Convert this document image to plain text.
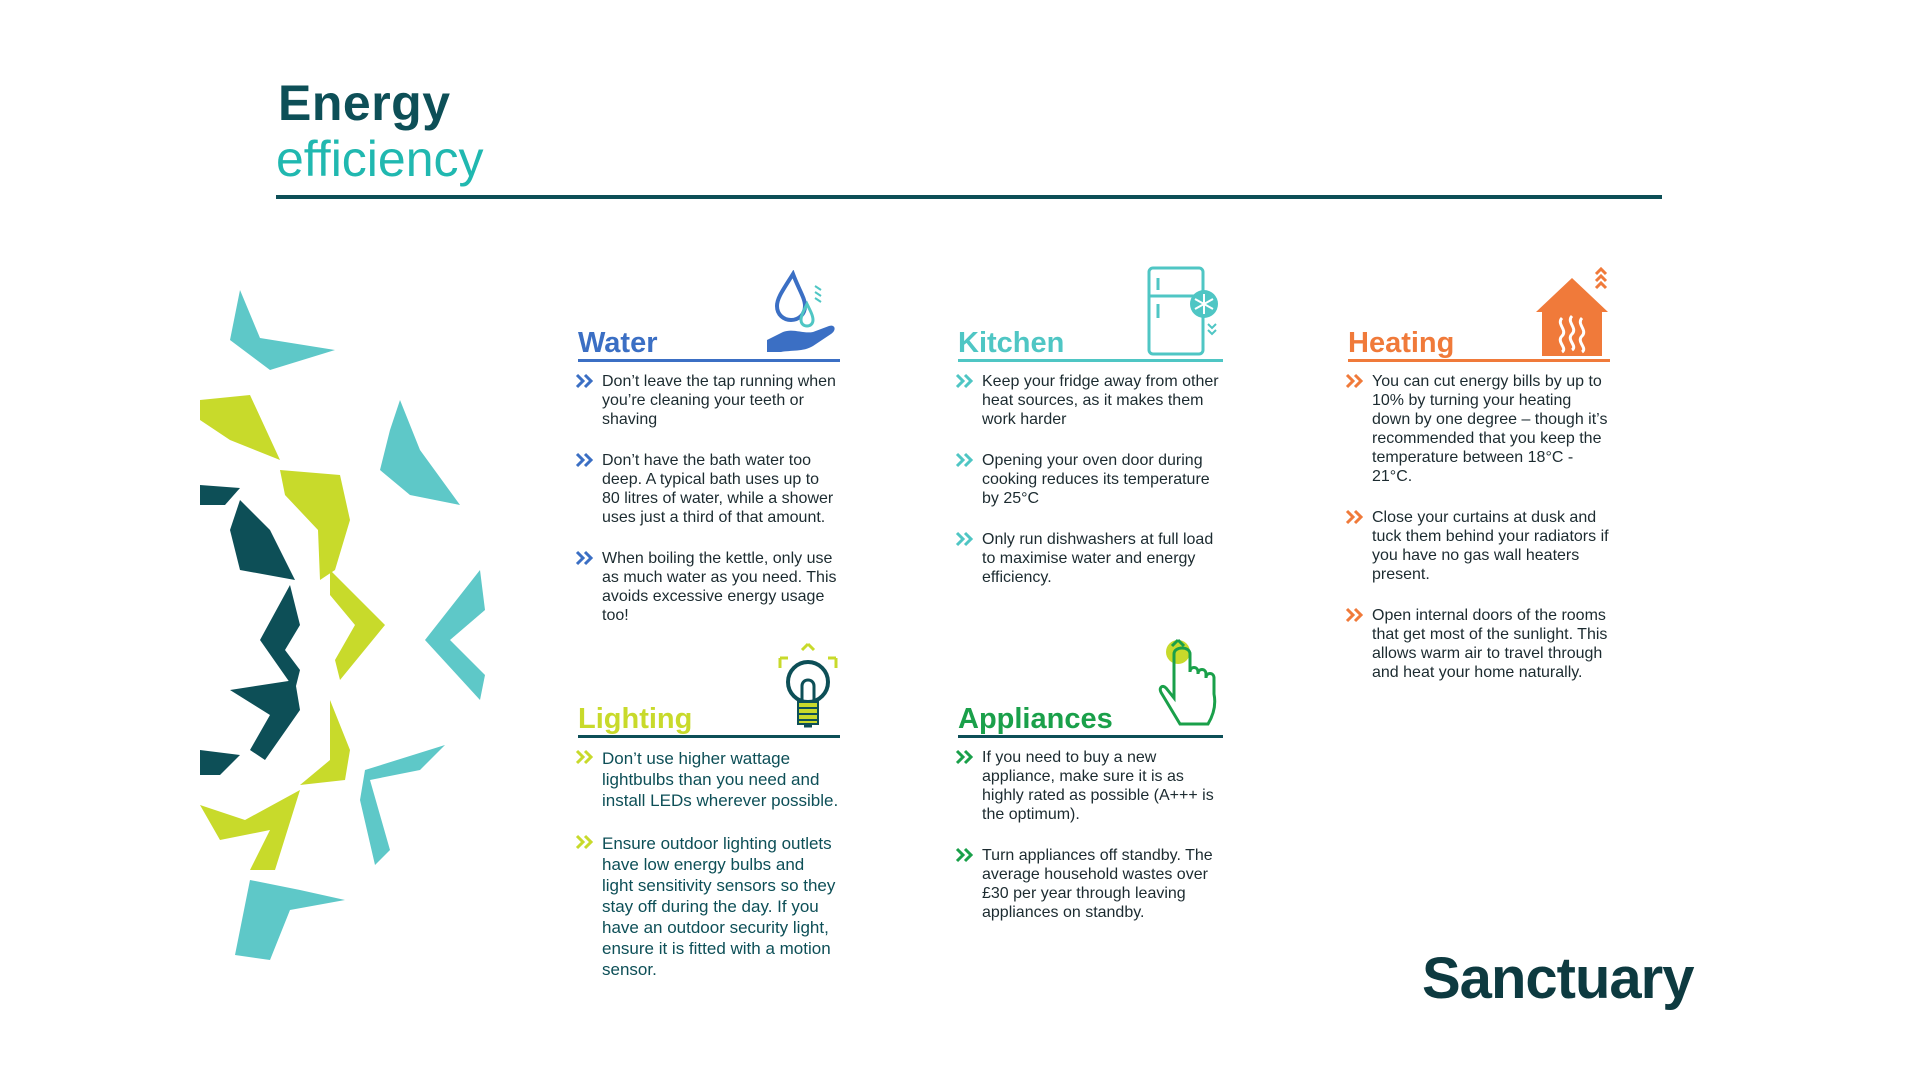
Energy
efficiency
Water
Don’t leave the tap running when you’re cleaning your teeth or shaving
Don’t have the bath water too deep. A typical bath uses up to 80 litres of water, while a shower uses just a third of that amount.
When boiling the kettle, only use as much water as you need. This avoids excessive energy usage too!
Kitchen
Keep your fridge away from other heat sources, as it makes them work harder
Opening your oven door during cooking reduces its temperature by 25°C
Only run dishwashers at full load to maximise water and energy efficiency.
Heating
You can cut energy bills by up to 10% by turning your heating down by one degree – though it’s recommended that you keep the temperature between 18°C - 21°C.
Close your curtains at dusk and tuck them behind your radiators if you have no gas wall heaters present.
Open internal doors of the rooms that get most of the sunlight. This allows warm air to travel through and heat your home naturally.
Lighting
Don’t use higher wattage lightbulbs than you need and install LEDs wherever possible.
Ensure outdoor lighting outlets have low energy bulbs and light sensitivity sensors so they stay off during the day. If you have an outdoor security light, ensure it is fitted with a motion sensor.
Appliances
If you need to buy a new appliance, make sure it is as highly rated as possible (A+++ is the optimum).
Turn appliances off standby. The average household wastes over £30 per year through leaving appliances on standby.
Sanctuary
